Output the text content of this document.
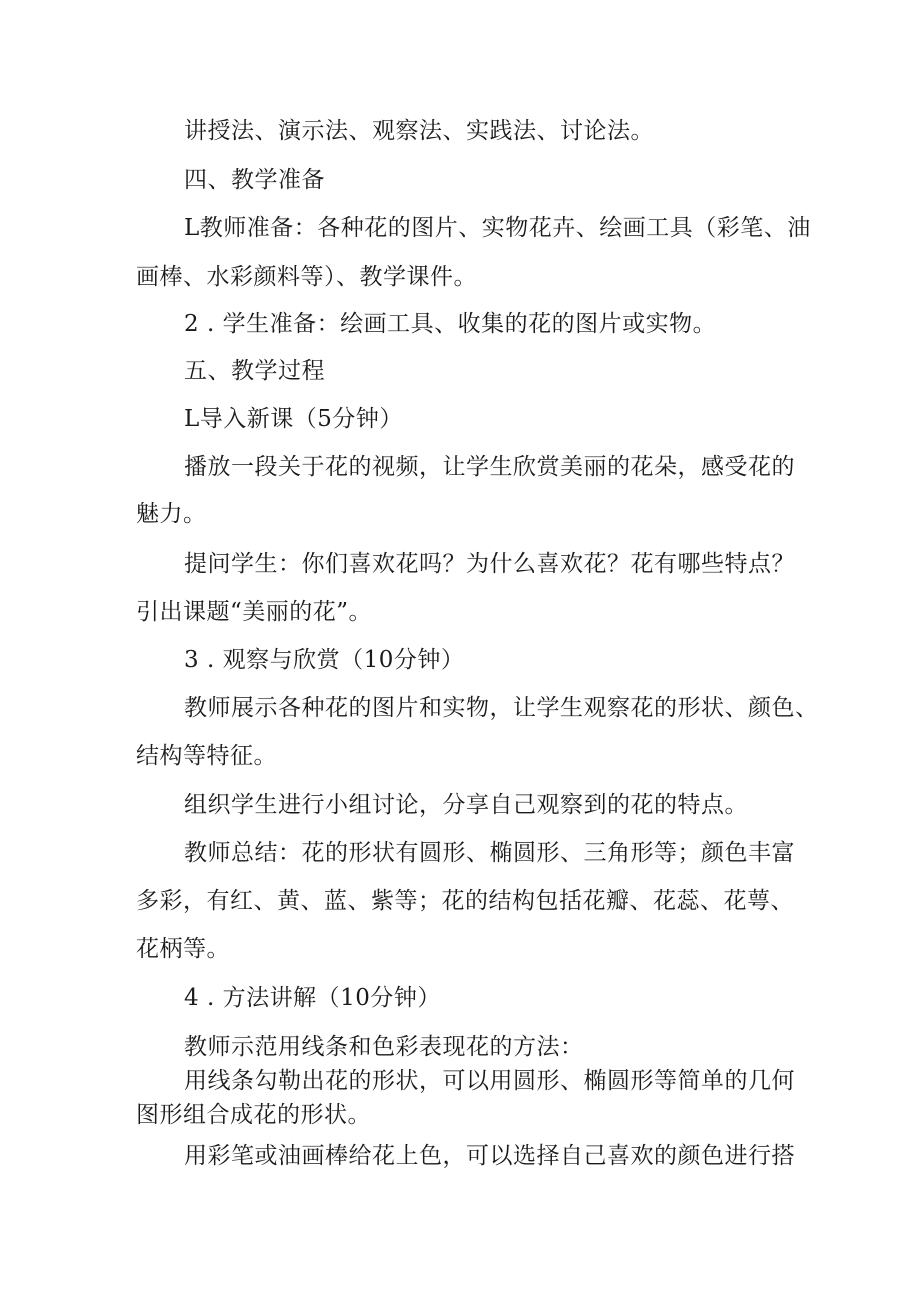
讲授法、演示法、观察法、实践法、讨论法。
四、教学准备
L教师准备：各种花的图片、实物花卉、绘画工具（彩笔、油
画棒、水彩颜料等）、教学课件。
2 . 学生准备：绘画工具、收集的花的图片或实物。
五、教学过程
L导入新课（5分钟）
播放一段关于花的视频，让学生欣赏美丽的花朵，感受花的
魅力。
提问学生：你们喜欢花吗？为什么喜欢花？花有哪些特点？
引出课题“美丽的花”。
3 . 观察与欣赏（10分钟）
教师展示各种花的图片和实物，让学生观察花的形状、颜色、
结构等特征。
组织学生进行小组讨论，分享自己观察到的花的特点。
教师总结：花的形状有圆形、椭圆形、三角形等；颜色丰富
多彩，有红、黄、蓝、紫等；花的结构包括花瓣、花蕊、花萼、
花柄等。
4 . 方法讲解（10分钟）
教师示范用线条和色彩表现花的方法：
用线条勾勒出花的形状，可以用圆形、椭圆形等简单的几何
图形组合成花的形状。
用彩笔或油画棒给花上色，可以选择自己喜欢的颜色进行搭
